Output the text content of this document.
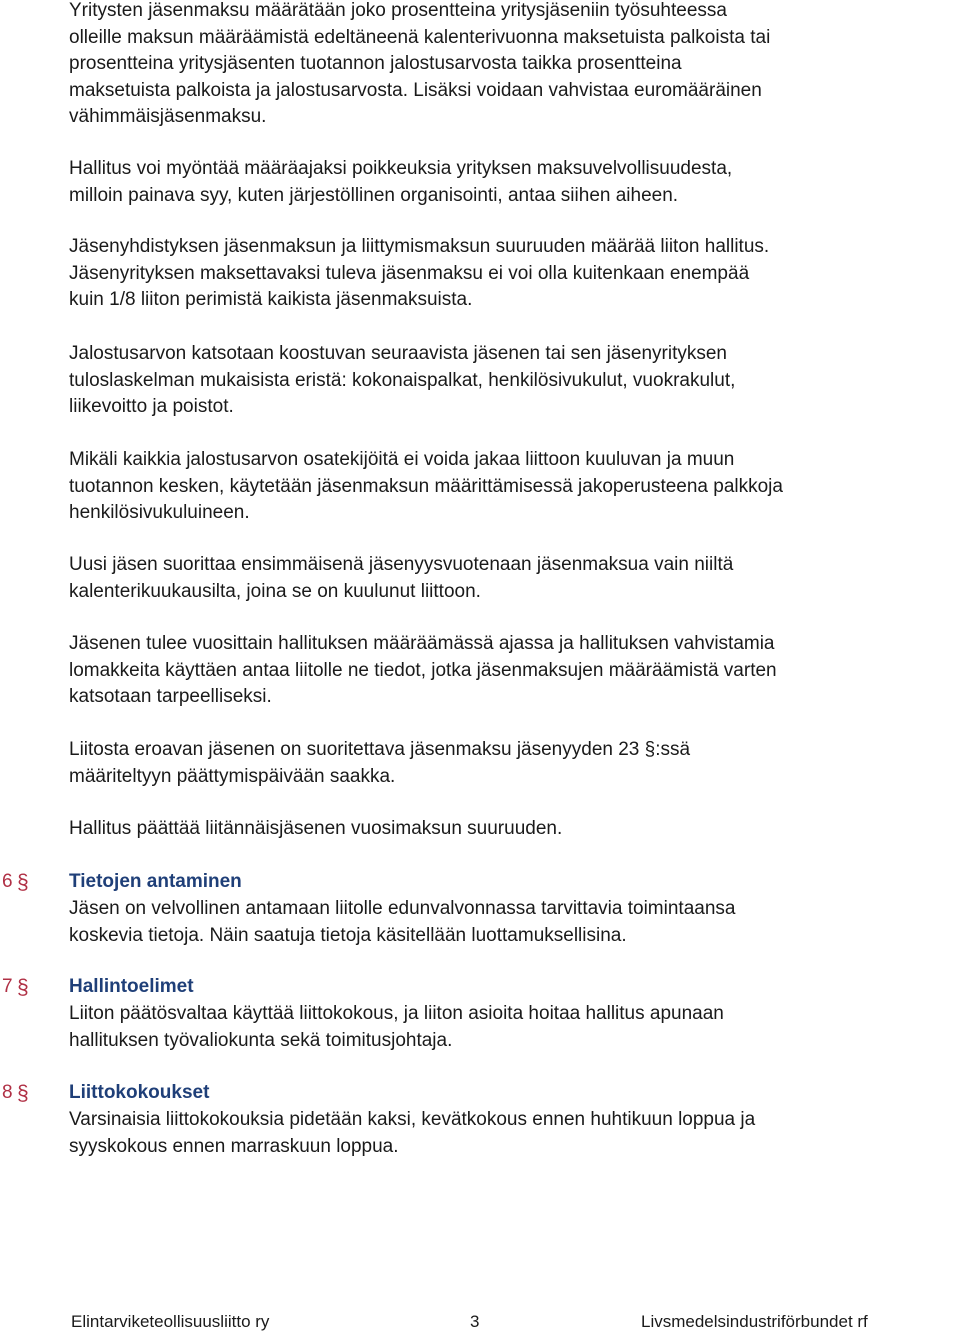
Yritysten jäsenmaksu määrätään joko prosentteina yritysjäseniin työsuhteessa
olleille maksun määräämistä edeltäneenä kalenterivuonna maksetuista palkoista tai
prosentteina yritysjäsenten tuotannon jalostusarvosta taikka prosentteina
maksetuista palkoista ja jalostusarvosta. Lisäksi voidaan vahvistaa euromääräinen
vähimmäisjäsenmaksu.

Hallitus voi myöntää määräajaksi poikkeuksia yrityksen maksuvelvollisuudesta,
milloin painava syy, kuten järjestöllinen organisointi, antaa siihen aiheen.

Jäsenyhdistyksen jäsenmaksun ja liittymismaksun suuruuden määrää liiton hallitus.
Jäsenyrityksen maksettavaksi tuleva jäsenmaksu ei voi olla kuitenkaan enempää
kuin 1/8 liiton perimistä kaikista jäsenmaksuista.

Jalostusarvon katsotaan koostuvan seuraavista jäsenen tai sen jäsenyrityksen
tuloslaskelman mukaisista eristä: kokonaispalkat, henkilösivukulut, vuokrakulut,
liikevoitto ja poistot.

Mikäli kaikkia jalostusarvon osatekijöitä ei voida jakaa liittoon kuuluvan ja muun
tuotannon kesken, käytetään jäsenmaksun määrittämisessä jakoperusteena palkkoja
henkilösivukuluineen.

Uusi jäsen suorittaa ensimmäisenä jäsenyysvuotenaan jäsenmaksua vain niiltä
kalenterikuukausilta, joina se on kuulunut liittoon.

Jäsenen tulee vuosittain hallituksen määräämässä ajassa ja hallituksen vahvistamia
lomakkeita käyttäen antaa liitolle ne tiedot, jotka jäsenmaksujen määräämistä varten
katsotaan tarpeelliseksi.

Liitosta eroavan jäsenen on suoritettava jäsenmaksu jäsenyyden 23 §:ssä
määriteltyyn päättymispäivään saakka.

Hallitus päättää liitännäisjäsenen vuosimaksun suuruuden.

6 § Tietojen antaminen

Jäsen on velvollinen antamaan liitolle edunvalvonnassa tarvittavia toimintaansa
koskevia tietoja. Näin saatuja tietoja käsitellään luottamuksellisina.

7 § Hallintoelimet

Liiton päätösvaltaa käyttää liittokokous, ja liiton asioita hoitaa hallitus apunaan
hallituksen työvaliokunta sekä toimitusjohtaja.

8 § Liittokokoukset

Varsinaisia liittokokouksia pidetään kaksi, kevätkokous ennen huhtikuun loppua ja
syyskokous ennen marraskuun loppua.

Elintarviketeollisuusliitto ry	3	Livsmedelsindustriförbundet rf
